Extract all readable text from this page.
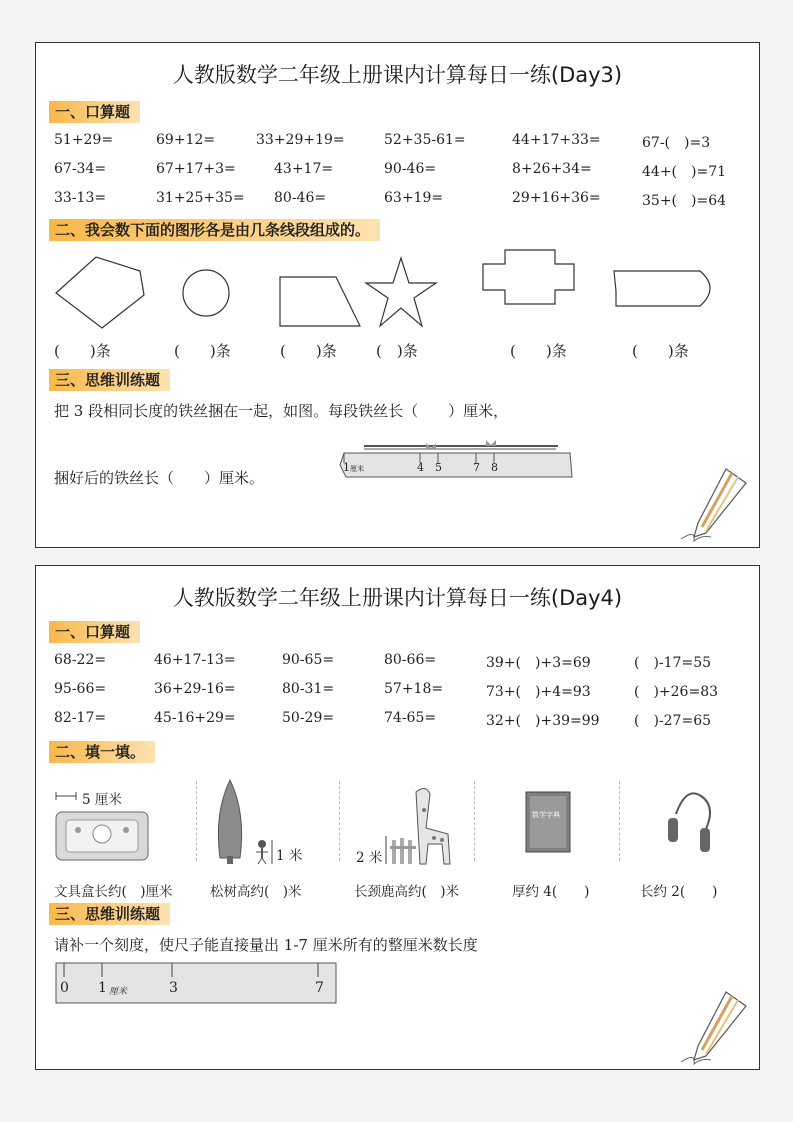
人教版数学二年级上册课内计算每日一练(Day3)
一、口算题
51+29=	69+12=	33+29+19=	52+35-61=	44+17+33=	67-(　)=3
67-34=	67+17+3=	43+17=	90-46=	8+26+34=	44+(　)=71
33-13=	31+25+35= 80-46=	63+19=	29+16+36=	35+(　)=64
二、我会数下面的图形各是由几条线段组成的。
(　　)条	(　　)条	(　　)条	(　)条	(　　)条	(　　)条
三、思维训练题
把 3 段相同长度的铁丝捆在一起，如图。每段铁丝长（　　）厘米，
捆好后的铁丝长（　　）厘米。
1 厘米	4 5	7 8
人教版数学二年级上册课内计算每日一练(Day4)
一、口算题
68-22=	46+17-13=	90-65=	80-66=	39+(　)+3=69	(　)-17=55
95-66=	36+29-16=	80-31=	57+18=	73+(　)+4=93	(　)+26=83
82-17=	45-16+29=	50-29=	74-65=	32+(　)+39=99 (　)-27=65
二、填一填。
5 厘米
1 米	2 米
数学字典
文具盒长约(　)厘米	松树高约(　)米	长颈鹿高约(　)米	厚约 4(　　)	长约 2(　　)
三、思维训练题
请补一个刻度，使尺子能直接量出 1-7 厘米所有的整厘米数长度
0 1 厘米	3	7
